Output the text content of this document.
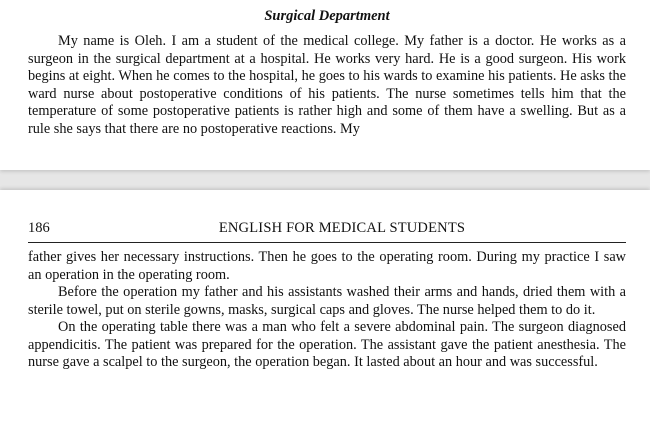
Surgical Department

My name is Oleh. I am a student of the medical college. My father is a doctor. He works as a surgeon in the surgical department at a hospital. He works very hard. He is a good surgeon. His work begins at eight. When he comes to the hospital, he goes to his wards to examine his patients. He asks the ward nurse about postoperative conditions of his patients. The nurse sometimes tells him that the temperature of some postoperative patients is rather high and some of them have a swelling. But as a rule she says that there are no postoperative reactions. My

186	ENGLISH FOR MEDICAL STUDENTS

father gives her necessary instructions. Then he goes to the operating room. During my practice I saw an operation in the operating room.

Before the operation my father and his assistants washed their arms and hands, dried them with a sterile towel, put on sterile gowns, masks, surgical caps and gloves. The nurse helped them to do it.

On the operating table there was a man who felt a severe abdominal pain. The surgeon diagnosed appendicitis. The patient was prepared for the operation. The assistant gave the patient anesthesia. The nurse gave a scalpel to the surgeon, the operation began. It lasted about an hour and was successful.
